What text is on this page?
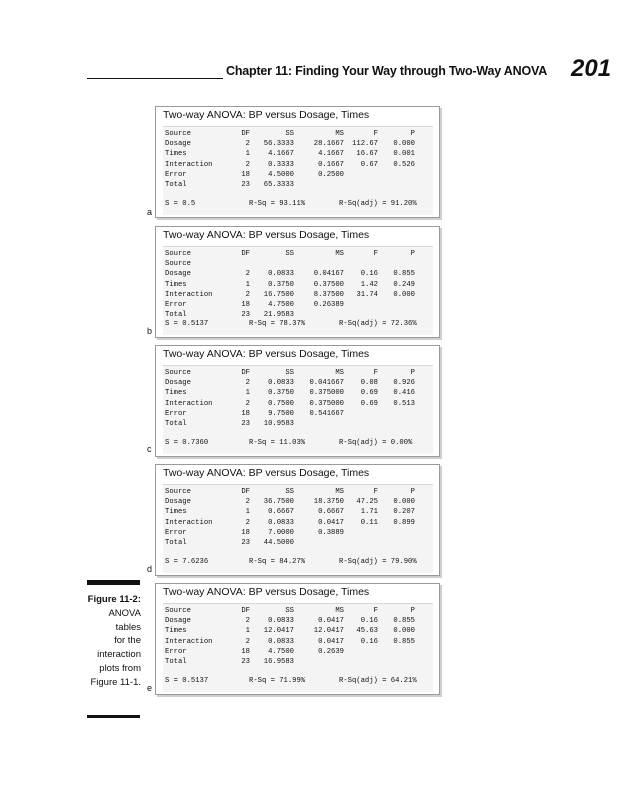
Chapter 11: Finding Your Way through Two-Way ANOVA 201
Two-way ANOVA: BP versus Dosage, Times
Source	DF	SS	MS	F	P
Dosage	2	56.3333	28.1667	112.67	0.000
Times	1	4.1667	4.1667	16.67	0.001
Interaction	2	0.3333	0.1667	0.67	0.526
Error	18	4.5000	0.2500		
Total	23	65.3333			
S = 0.5	R-Sq = 93.11%	R-Sq(adj) = 91.20%
a
Two-way ANOVA: BP versus Dosage, Times
Source	DF	SS	MS	F	P
Source					
Dosage	2	0.0833	0.04167	0.16	0.855
Times	1	0.3750	0.37500	1.42	0.249
Interaction	2	16.7500	8.37500	31.74	0.000
Error	18	4.7500	0.26389		
Total	23	21.9583			
S = 0.5137	R-Sq = 78.37%	R-Sq(adj) = 72.36%
b
Two-way ANOVA: BP versus Dosage, Times
Source	DF	SS	MS	F	P
Dosage	2	0.0833	0.041667	0.08	0.926
Times	1	0.3750	0.375000	0.69	0.416
Interaction	2	0.7500	0.375000	0.69	0.513
Error	18	9.7500	0.541667		
Total	23	10.9583			
S = 0.7360	R-Sq = 11.03%	R-Sq(adj) = 0.00%
c
Two-way ANOVA: BP versus Dosage, Times
Source	DF	SS	MS	F	P
Dosage	2	36.7500	18.3750	47.25	0.000
Times	1	0.6667	0.6667	1.71	0.207
Interaction	2	0.0833	0.0417	0.11	0.899
Error	18	7.0000	0.3889		
Total	23	44.5000			
S = 7.6236	R-Sq = 84.27%	R-Sq(adj) = 79.90%
d
Two-way ANOVA: BP versus Dosage, Times
Source	DF	SS	MS	F	P
Dosage	2	0.0833	0.0417	0.16	0.855
Times	1	12.0417	12.0417	45.63	0.000
Interaction	2	0.0833	0.0417	0.16	0.855
Error	18	4.7500	0.2639		
Total	23	16.9583			
S = 0.5137	R-Sq = 71.99%	R-Sq(adj) = 64.21%
e
Figure 11-2:
ANOVA
tables
for the
interaction
plots from
Figure 11-1.
